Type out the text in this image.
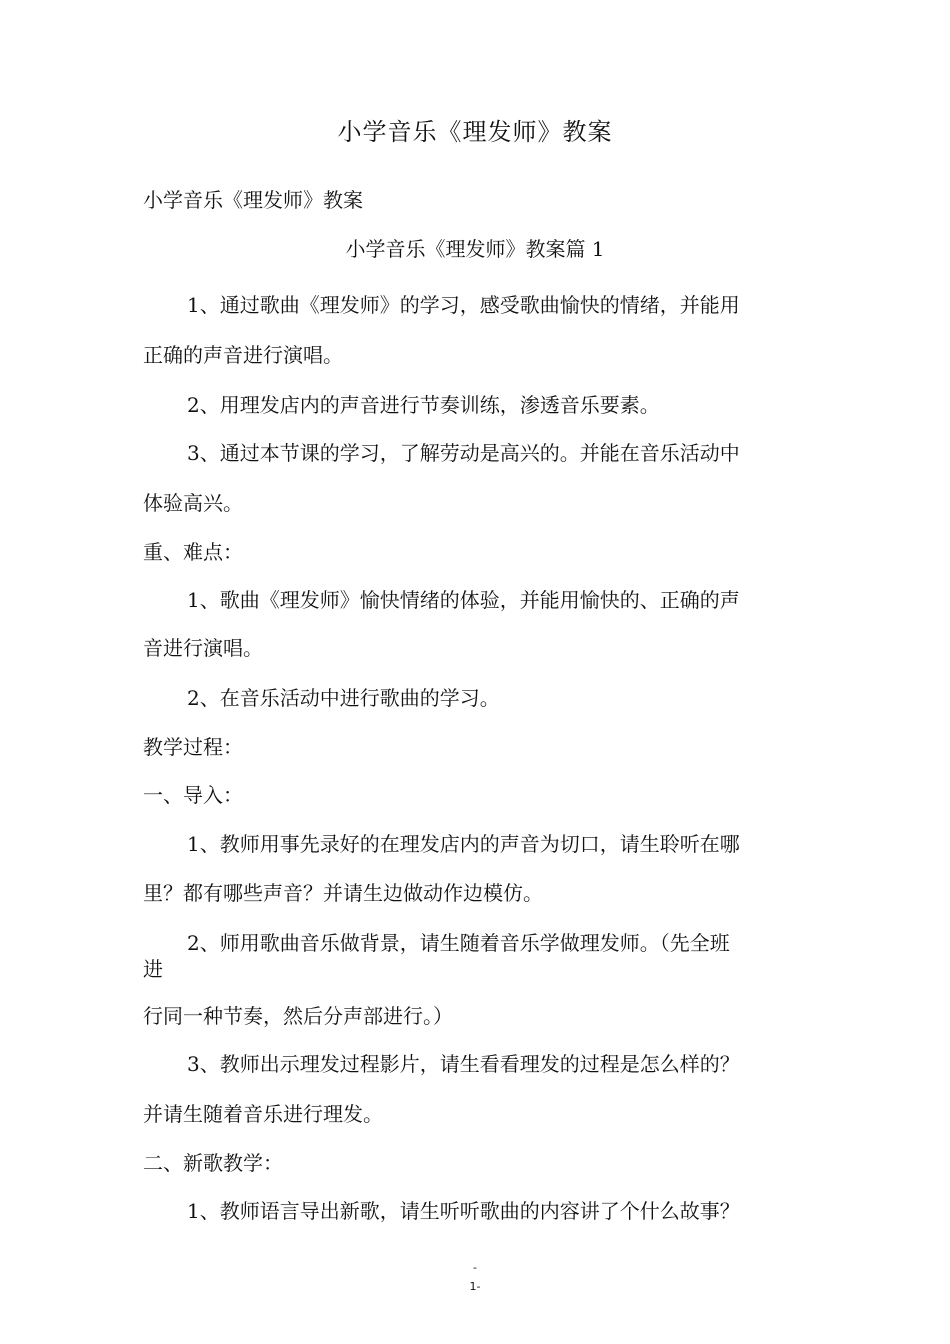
小学音乐《理发师》教案
小学音乐《理发师》教案
小学音乐《理发师》教案篇 1
1、通过歌曲《理发师》的学习，感受歌曲愉快的情绪，并能用
正确的声音进行演唱。
2、用理发店内的声音进行节奏训练，渗透音乐要素。
3、通过本节课的学习，了解劳动是高兴的。并能在音乐活动中
体验高兴。
重、难点：
1、歌曲《理发师》愉快情绪的体验，并能用愉快的、正确的声
音进行演唱。
2、在音乐活动中进行歌曲的学习。
教学过程：
一、导入：
1、教师用事先录好的在理发店内的声音为切口，请生聆听在哪
里？都有哪些声音？并请生边做动作边模仿。
2、师用歌曲音乐做背景，请生随着音乐学做理发师。（先全班
进
行同一种节奏，然后分声部进行。）
3、教师出示理发过程影片，请生看看理发的过程是怎么样的？
并请生随着音乐进行理发。
二、新歌教学：
1、教师语言导出新歌，请生听听歌曲的内容讲了个什么故事？
-
1-
